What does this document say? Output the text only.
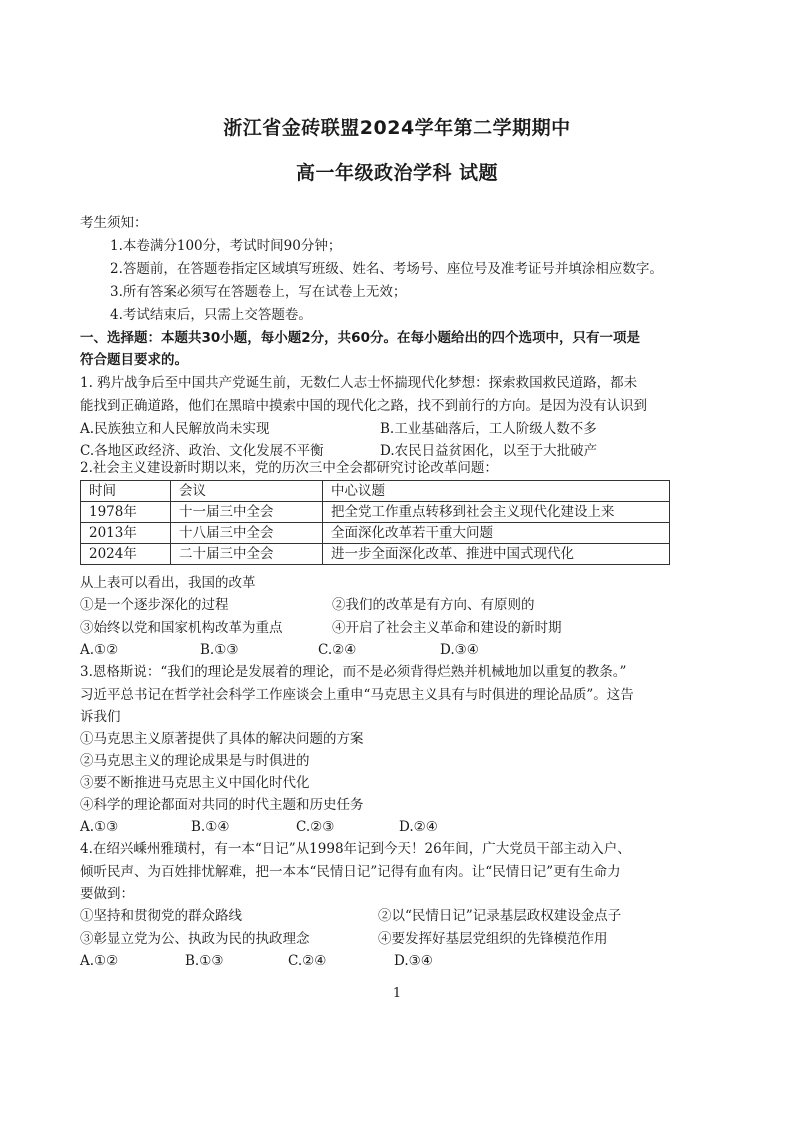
浙江省金砖联盟2024学年第二学期期中
高一年级政治学科 试题
考生须知：
1.本卷满分100分，考试时间90分钟；
2.答题前，在答题卷指定区域填写班级、姓名、考场号、座位号及准考证号并填涂相应数字。
3.所有答案必须写在答题卷上，写在试卷上无效；
4.考试结束后，只需上交答题卷。
一、选择题：本题共30小题，每小题2分，共60分。在每小题给出的四个选项中，只有一项是
符合题目要求的。
1. 鸦片战争后至中国共产党诞生前，无数仁人志士怀揣现代化梦想：探索救国救民道路，都未
能找到正确道路，他们在黑暗中摸索中国的现代化之路，找不到前行的方向。是因为没有认识到
A.民族独立和人民解放尚未实现	B.工业基础落后，工人阶级人数不多
C.各地区政经济、政治、文化发展不平衡	D.农民日益贫困化，以至于大批破产
2.社会主义建设新时期以来，党的历次三中全会都研究讨论改革问题：
时间	会议	中心议题
1978年	十一届三中全会	把全党工作重点转移到社会主义现代化建设上来
2013年	十八届三中全会	全面深化改革若干重大问题
2024年	二十届三中全会	进一步全面深化改革、推进中国式现代化
从上表可以看出，我国的改革
①是一个逐步深化的过程	②我们的改革是有方向、有原则的
③始终以党和国家机构改革为重点	④开启了社会主义革命和建设的新时期
A.①②	B.①③	C.②④	D.③④
3.恩格斯说：“我们的理论是发展着的理论，而不是必须背得烂熟并机械地加以重复的教条。”
习近平总书记在哲学社会科学工作座谈会上重申“马克思主义具有与时俱进的理论品质”。这告
诉我们
①马克思主义原著提供了具体的解决问题的方案
②马克思主义的理论成果是与时俱进的
③要不断推进马克思主义中国化时代化
④科学的理论都面对共同的时代主题和历史任务
A.①③	B.①④	C.②③	D.②④
4.在绍兴嵊州雅璜村，有一本“日记”从1998年记到今天！26年间，广大党员干部主动入户、
倾听民声、为百姓排忧解难，把一本本“民情日记”记得有血有肉。让“民情日记”更有生命力
要做到：
①坚持和贯彻党的群众路线	②以“民情日记”记录基层政权建设金点子
③彰显立党为公、执政为民的执政理念	④要发挥好基层党组织的先锋模范作用
A.①②	B.①③	C.②④	D.③④
1
